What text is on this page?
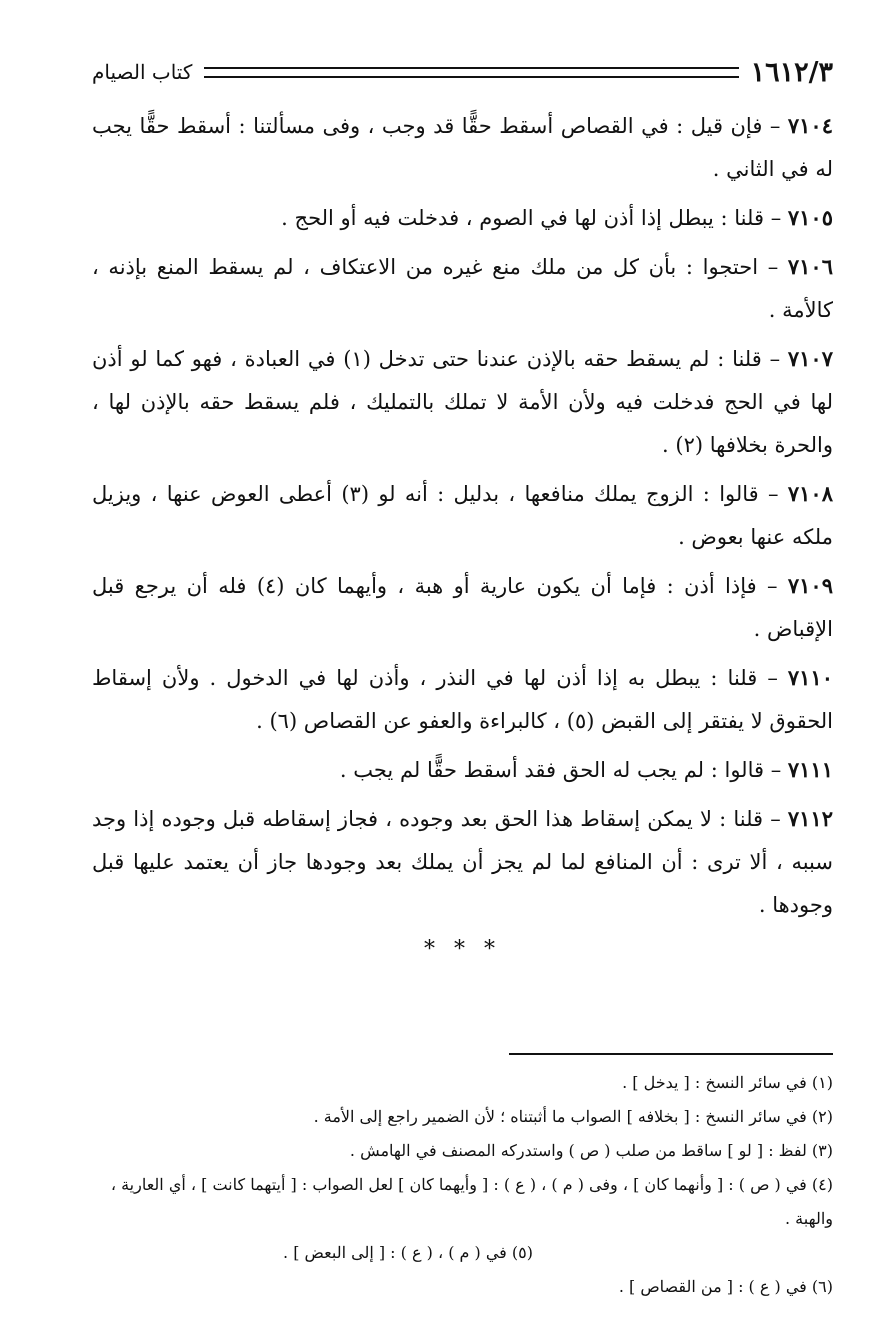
١٦١٢/٣
كتاب الصيام

٧١٠٤ – فإن قيل : في القصاص أسقط حقًّا قد وجب ، وفى مسألتنا : أسقط حقًّا يجب له في الثاني .

٧١٠٥ – قلنا : يبطل إذا أذن لها في الصوم ، فدخلت فيه أو الحج .

٧١٠٦ – احتجوا : بأن كل من ملك منع غيره من الاعتكاف ، لم يسقط المنع بإذنه ، كالأمة .

٧١٠٧ – قلنا : لم يسقط حقه بالإذن عندنا حتى تدخل (١) في العبادة ، فهو كما لو أذن لها في الحج فدخلت فيه ولأن الأمة لا تملك بالتمليك ، فلم يسقط حقه بالإذن لها ، والحرة بخلافها (٢) .

٧١٠٨ – قالوا : الزوج يملك منافعها ، بدليل : أنه لو (٣) أعطى العوض عنها ، ويزيل ملكه عنها بعوض .

٧١٠٩ – فإذا أذن : فإما أن يكون عارية أو هبة ، وأيهما كان (٤) فله أن يرجع قبل الإقباض .

٧١١٠ – قلنا : يبطل به إذا أذن لها في النذر ، وأذن لها في الدخول . ولأن إسقاط الحقوق لا يفتقر إلى القبض (٥) ، كالبراءة والعفو عن القصاص (٦) .

٧١١١ – قالوا : لم يجب له الحق فقد أسقط حقًّا لم يجب .

٧١١٢ – قلنا : لا يمكن إسقاط هذا الحق بعد وجوده ، فجاز إسقاطه قبل وجوده إذا وجد سببه ، ألا ترى : أن المنافع لما لم يجز أن يملك بعد وجودها جاز أن يعتمد عليها قبل وجودها .

* * *

(١) في سائر النسخ : [ يدخل ] .

(٢) في سائر النسخ : [ بخلافه ] الصواب ما أثبتناه ؛ لأن الضمير راجع إلى الأمة .

(٣) لفظ : [ لو ] ساقط من صلب ( ص ) واستدركه المصنف في الهامش .

(٤) في ( ص ) : [ وأنهما كان ] ، وفى ( م ) ، ( ع ) : [ وأيهما كان ] لعل الصواب : [ أيتهما كانت ] ، أي العارية ، والهبة .

(٥) في ( م ) ، ( ع ) : [ إلى البعض ] .

(٦) في ( ع ) : [ من القصاص ] .
